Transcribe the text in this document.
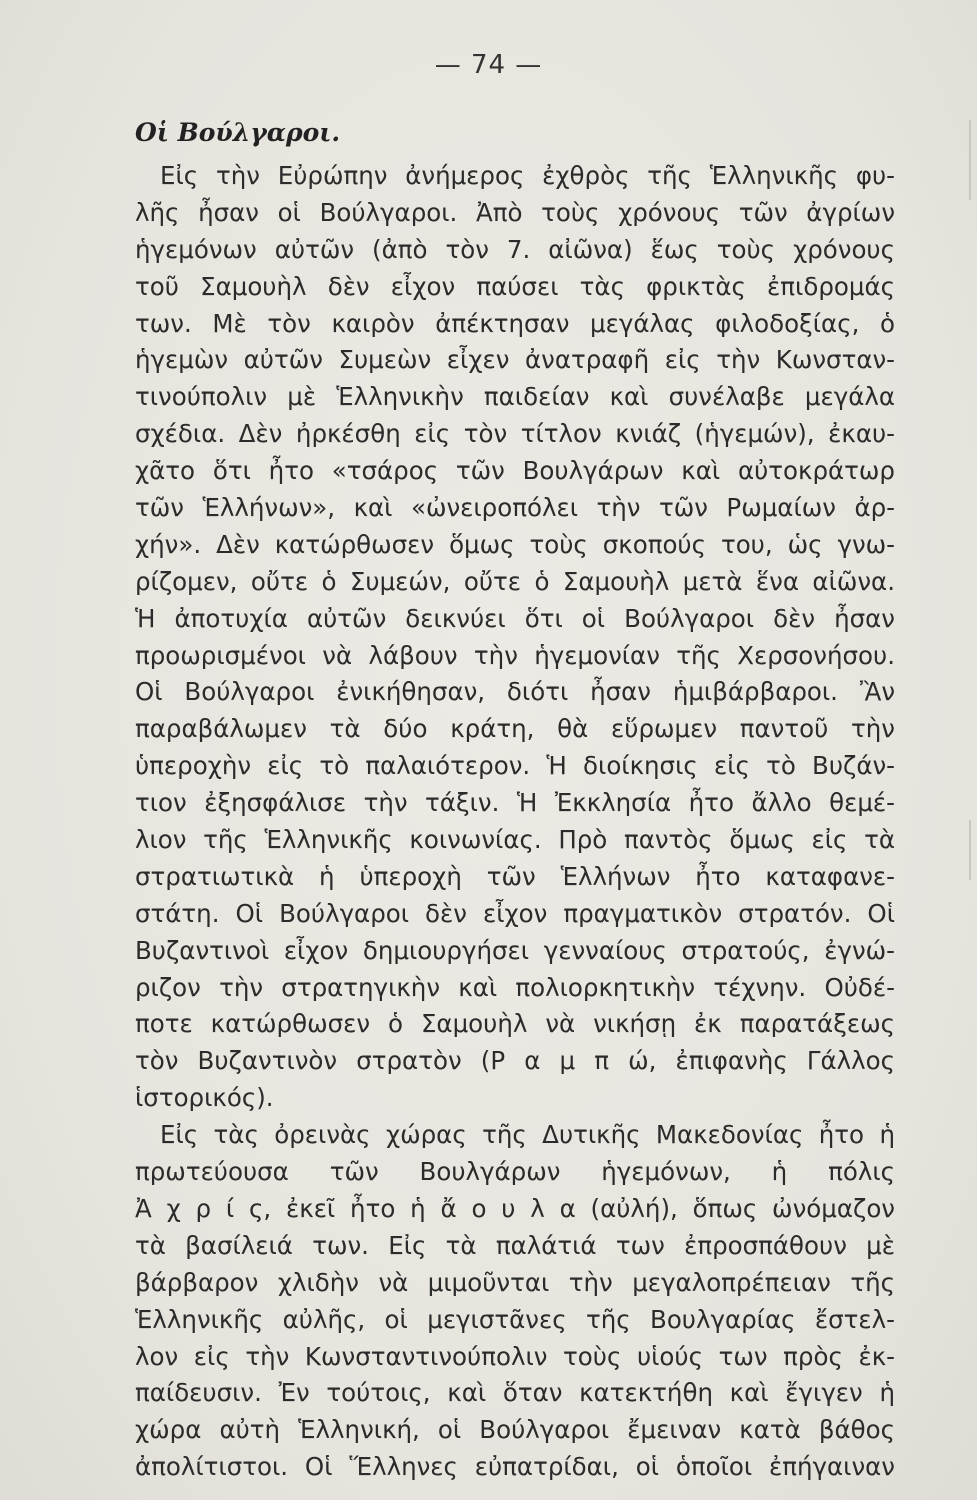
— 74 —
Οἱ Βούλγαροι.
Εἰς τὴν Εὐρώπην ἀνήμερος ἐχθρὸς τῆς Ἑλληνικῆς φυ-
λῆς ἦσαν οἱ Βούλγαροι. Ἀπὸ τοὺς χρόνους τῶν ἀγρίων
ἡγεμόνων αὐτῶν (ἀπὸ τὸν 7. αἰῶνα) ἕως τοὺς χρόνους
τοῦ Σαμουὴλ δὲν εἶχον παύσει τὰς φρικτὰς ἐπιδρομάς
των. Μὲ τὸν καιρὸν ἀπέκτησαν μεγάλας φιλοδοξίας, ὁ
ἡγεμὼν αὐτῶν Συμεὼν εἶχεν ἀνατραφῆ εἰς τὴν Κωνσταν-
τινούπολιν μὲ Ἑλληνικὴν παιδείαν καὶ συνέλαβε μεγάλα
σχέδια. Δὲν ἠρκέσθη εἰς τὸν τίτλον κνιάζ (ἡγεμών), ἐκαυ-
χᾶτο ὅτι ἦτο «τσάρος τῶν Βουλγάρων καὶ αὐτοκράτωρ
τῶν Ἑλλήνων», καὶ «ὠνειροπόλει τὴν τῶν Ρωμαίων ἀρ-
χήν». Δὲν κατώρθωσεν ὅμως τοὺς σκοπούς του, ὡς γνω-
ρίζομεν, οὔτε ὁ Συμεών, οὔτε ὁ Σαμουὴλ μετὰ ἕνα αἰῶνα.
Ἡ ἀποτυχία αὐτῶν δεικνύει ὅτι οἱ Βούλγαροι δὲν ἦσαν
προωρισμένοι νὰ λάβουν τὴν ἡγεμονίαν τῆς Χερσονήσου.
Οἱ Βούλγαροι ἐνικήθησαν, διότι ἦσαν ἡμιβάρβαροι. Ἂν
παραβάλωμεν τὰ δύο κράτη, θὰ εὕρωμεν παντοῦ τὴν
ὑπεροχὴν εἰς τὸ παλαιότερον. Ἡ διοίκησις εἰς τὸ Βυζάν-
τιον ἐξησφάλισε τὴν τάξιν. Ἡ Ἐκκλησία ἦτο ἄλλο θεμέ-
λιον τῆς Ἑλληνικῆς κοινωνίας. Πρὸ παντὸς ὅμως εἰς τὰ
στρατιωτικὰ ἡ ὑπεροχὴ τῶν Ἑλλήνων ἦτο καταφανε-
στάτη. Οἱ Βούλγαροι δὲν εἶχον πραγματικὸν στρατόν. Οἱ
Βυζαντινοὶ εἶχον δημιουργήσει γενναίους στρατούς, ἐγνώ-
ριζον τὴν στρατηγικὴν καὶ πολιορκητικὴν τέχνην. Οὐδέ-
ποτε κατώρθωσεν ὁ Σαμουὴλ νὰ νικήσῃ ἐκ παρατάξεως
τὸν Βυζαντινὸν στρατὸν (Ρ α μ π ώ, ἐπιφανὴς Γάλλος
ἱστορικός).
Εἰς τὰς ὀρεινὰς χώρας τῆς Δυτικῆς Μακεδονίας ἦτο ἡ
πρωτεύουσα τῶν Βουλγάρων ἡγεμόνων, ἡ πόλις
Ἀ χ ρ ί ς, ἐκεῖ ἦτο ἡ ἄ ο υ λ α (αὐλή), ὅπως ὠνόμαζον
τὰ βασίλειά των. Εἰς τὰ παλάτιά των ἐπροσπάθουν μὲ
βάρβαρον χλιδὴν νὰ μιμοῦνται τὴν μεγαλοπρέπειαν τῆς
Ἑλληνικῆς αὐλῆς, οἱ μεγιστᾶνες τῆς Βουλγαρίας ἔστελ-
λον εἰς τὴν Κωνσταντινούπολιν τοὺς υἱούς των πρὸς ἐκ-
παίδευσιν. Ἐν τούτοις, καὶ ὅταν κατεκτήθη καὶ ἔγιγεν ἡ
χώρα αὐτὴ Ἑλληνική, οἱ Βούλγαροι ἔμειναν κατὰ βάθος
ἀπολίτιστοι. Οἱ Ἕλληνες εὐπατρίδαι, οἱ ὁποῖοι ἐπήγαιναν
